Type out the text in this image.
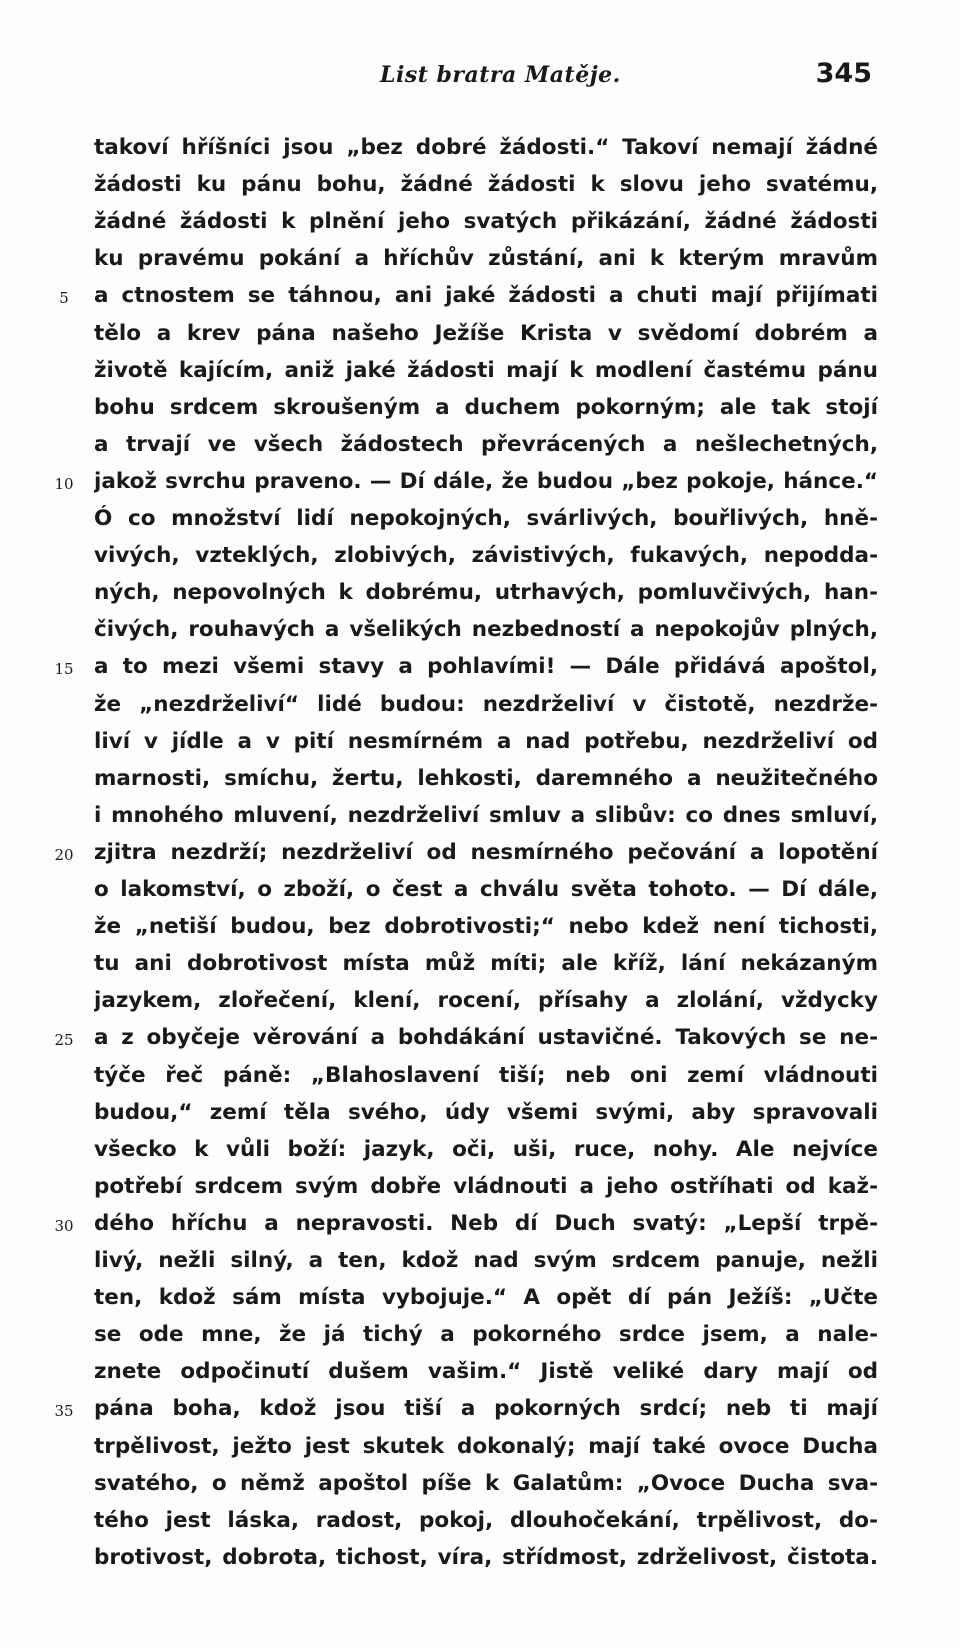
List bratra Matěje.	345
takoví hříšníci jsou „bez dobré žádosti.“ Takoví nemají žádné
žádosti ku pánu bohu, žádné žádosti k slovu jeho svatému,
žádné žádosti k plnění jeho svatých přikázání, žádné žádosti
ku pravému pokání a hříchův zůstání, ani k kterým mravům
a ctnostem se táhnou, ani jaké žádosti a chuti mají přijímati
tělo a krev pána našeho Ježíše Krista v svědomí dobrém a
životě kajícím, aniž jaké žádosti mají k modlení častému pánu
bohu srdcem skroušeným a duchem pokorným; ale tak stojí
a trvají ve všech žádostech převrácených a nešlechetných,
jakož svrchu praveno. — Dí dále, že budou „bez pokoje, hánce.“
Ó co množství lidí nepokojných, svárlivých, bouřlivých, hně-
vivých, vzteklých, zlobivých, závistivých, fukavých, nepodda-
ných, nepovolných k dobrému, utrhavých, pomluvčivých, han-
čivých, rouhavých a všelikých nezbedností a nepokojův plných,
a to mezi všemi stavy a pohlavími! — Dále přidává apoštol,
že „nezdrželiví“ lidé budou: nezdrželiví v čistotě, nezdrže-
liví v jídle a v pití nesmírném a nad potřebu, nezdrželiví od
marnosti, smíchu, žertu, lehkosti, daremného a neužitečného
i mnohého mluvení, nezdrželiví smluv a slibův: co dnes smluví,
zjitra nezdrží; nezdrželiví od nesmírného pečování a lopotění
o lakomství, o zboží, o čest a chválu světa tohoto. — Dí dále,
že „netiší budou, bez dobrotivosti;“ nebo kdež není tichosti,
tu ani dobrotivost místa můž míti; ale kříž, lání nekázaným
jazykem, zlořečení, klení, rocení, přísahy a zlolání, vždycky
a z obyčeje věrování a bohdákání ustavičné. Takových se ne-
týče řeč páně: „Blahoslavení tiší; neb oni zemí vládnouti
budou,“ zemí těla svého, údy všemi svými, aby spravovali
všecko k vůli boží: jazyk, oči, uši, ruce, nohy. Ale nejvíce
potřebí srdcem svým dobře vládnouti a jeho ostříhati od kaž-
dého hříchu a nepravosti. Neb dí Duch svatý: „Lepší trpě-
livý, nežli silný, a ten, kdož nad svým srdcem panuje, nežli
ten, kdož sám místa vybojuje.“ A opět dí pán Ježíš: „Učte
se ode mne, že já tichý a pokorného srdce jsem, a nale-
znete odpočinutí dušem vašim.“ Jistě veliké dary mají od
pána boha, kdož jsou tiší a pokorných srdcí; neb ti mají
trpělivost, ježto jest skutek dokonalý; mají také ovoce Ducha
svatého, o němž apoštol píše k Galatům: „Ovoce Ducha sva-
tého jest láska, radost, pokoj, dlouhočekání, trpělivost, do-
brotivost, dobrota, tichost, víra, střídmost, zdrželivost, čistota.
5
10
15
20
25
30
35
